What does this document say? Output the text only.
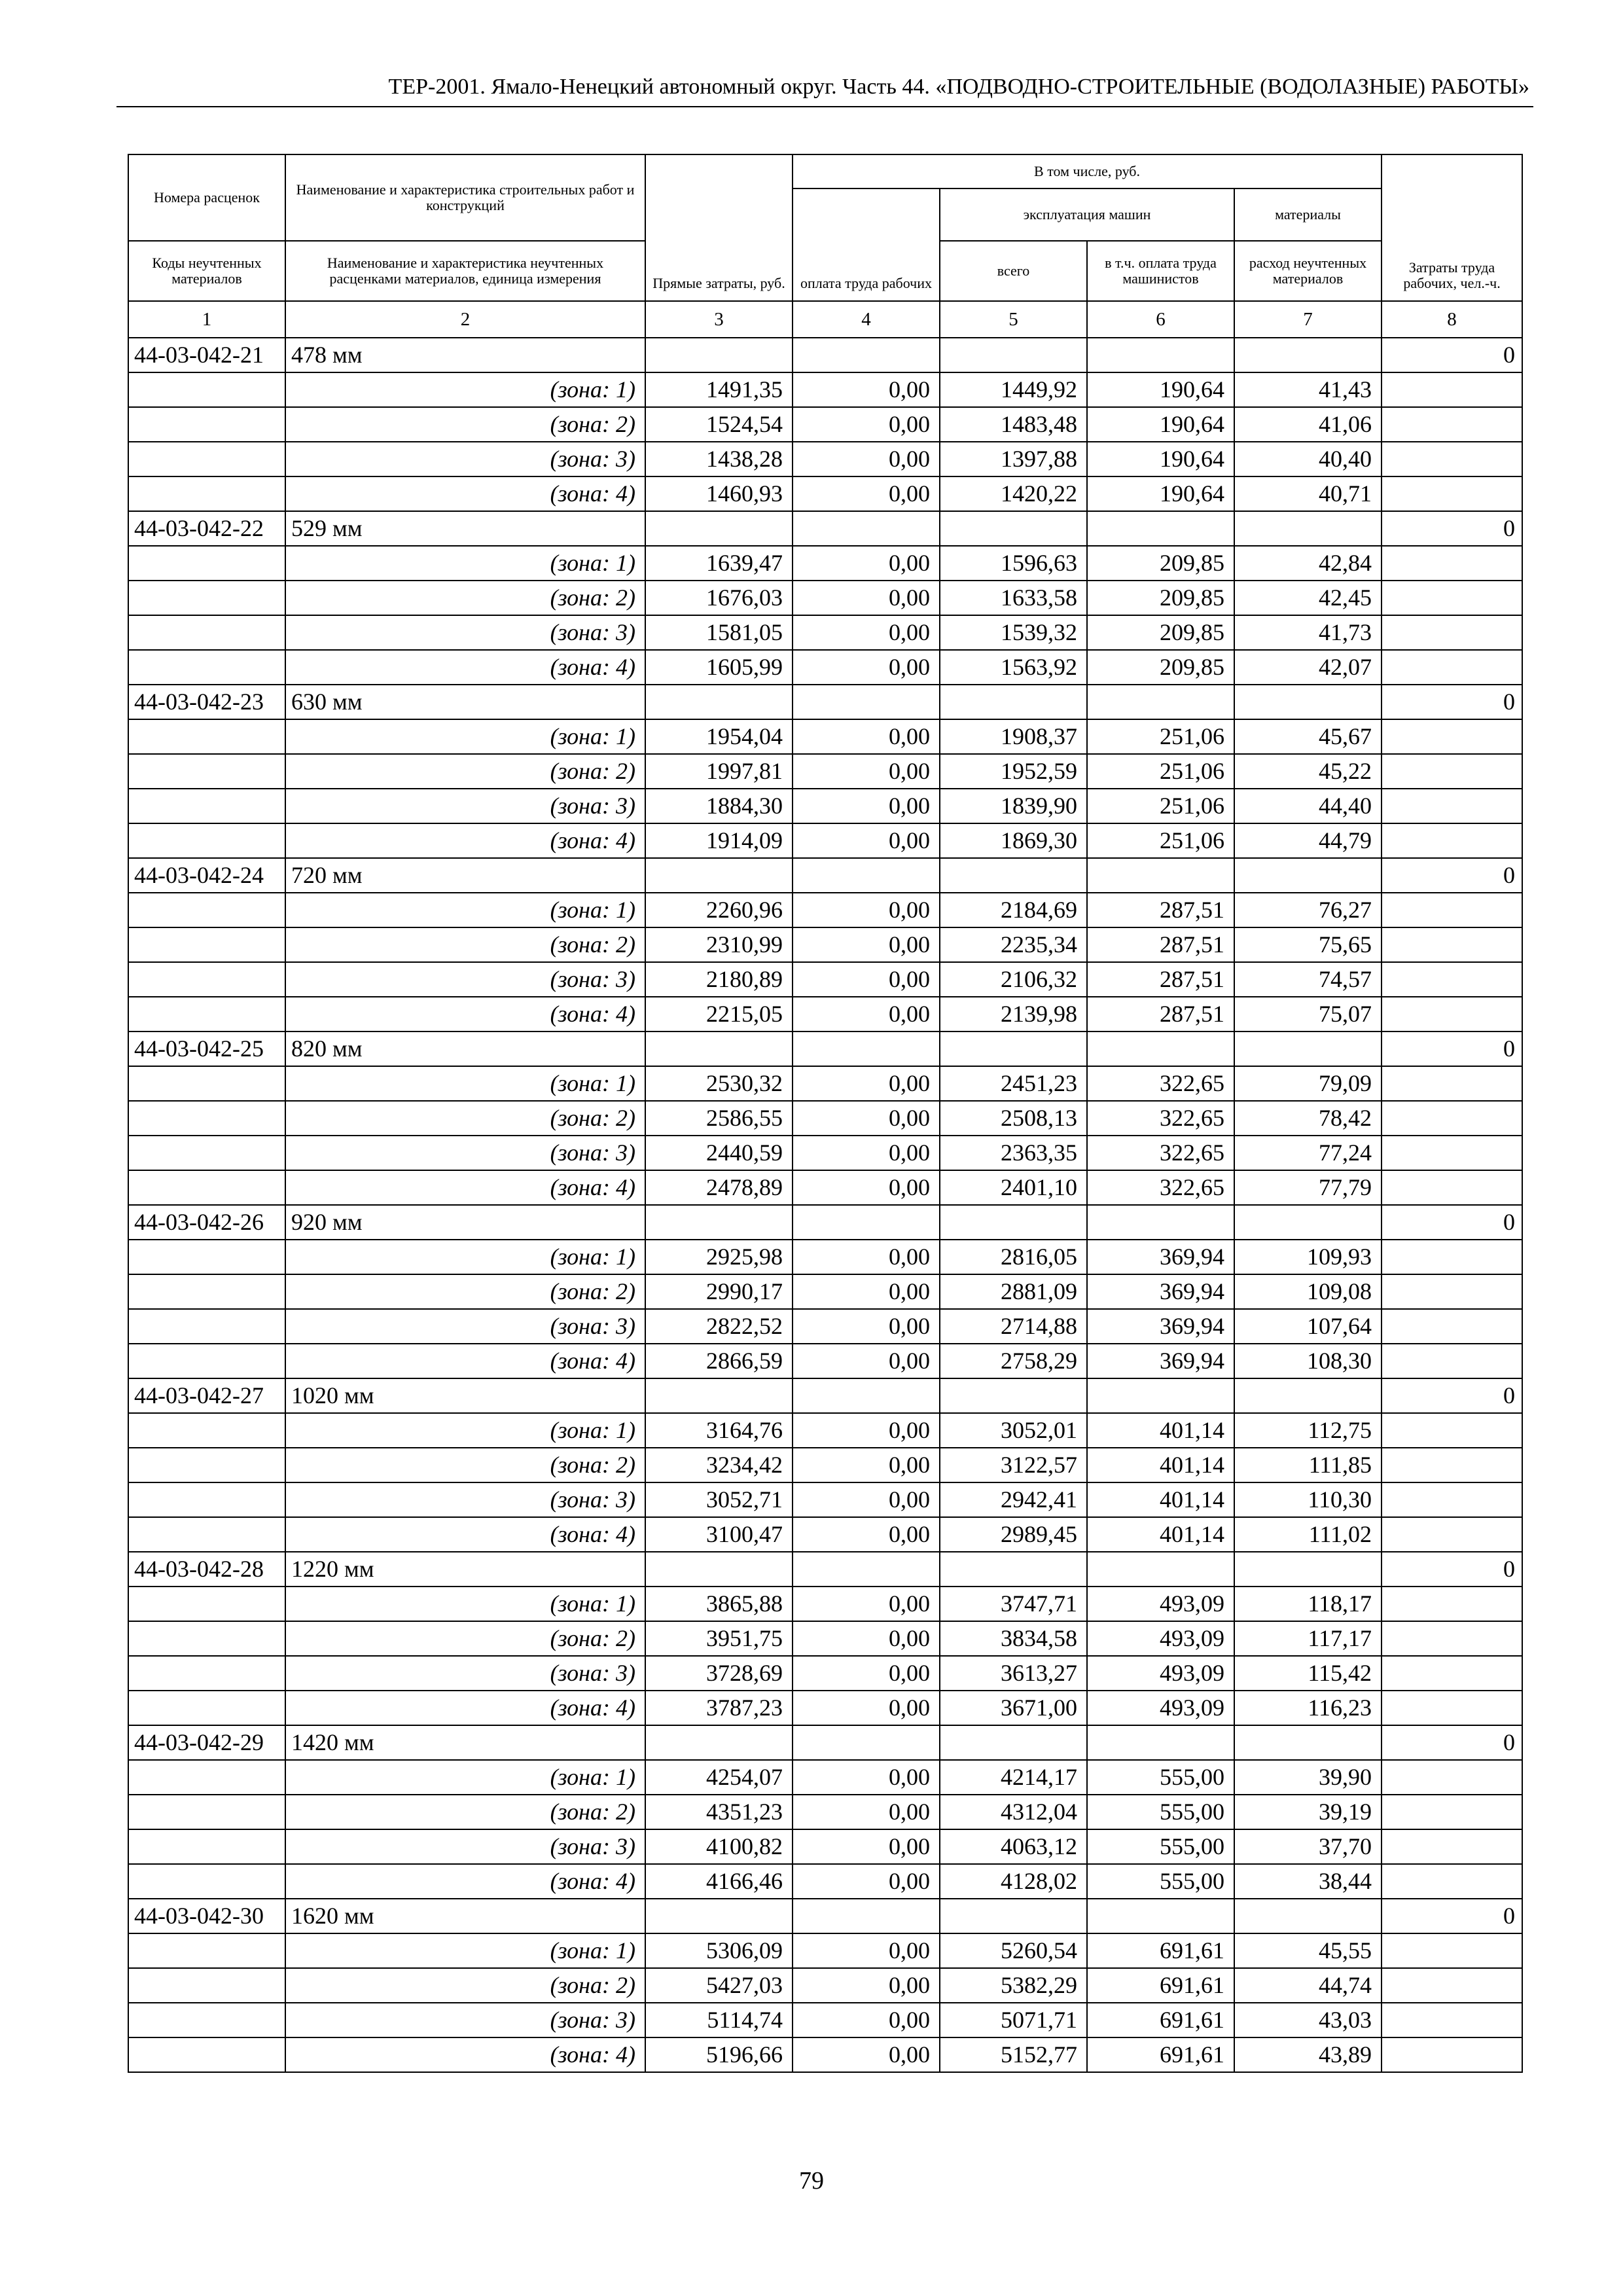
ТЕР-2001. Ямало-Ненецкий автономный округ. Часть 44. «ПОДВОДНО-СТРОИТЕЛЬНЫЕ (ВОДОЛАЗНЫЕ) РАБОТЫ»
Номера расценок	Наименование и характеристика строительных работ и конструкций	Прямые затраты, руб.	В том числе, руб.				Затраты труда рабочих, чел.-ч.
			оплата труда рабочих	эксплуатация машин		материалы	
Коды неучтенных материалов	Наименование и характеристика неучтенных расценками материалов, единица измерения			всего	в т.ч. оплата труда машинистов	расход неучтенных материалов	
1	2	3	4	5	6	7	8
44-03-042-21	478 мм						0
	(зона: 1)	1491,35	0,00	1449,92	190,64	41,43	
	(зона: 2)	1524,54	0,00	1483,48	190,64	41,06	
	(зона: 3)	1438,28	0,00	1397,88	190,64	40,40	
	(зона: 4)	1460,93	0,00	1420,22	190,64	40,71	
44-03-042-22	529 мм						0
	(зона: 1)	1639,47	0,00	1596,63	209,85	42,84	
	(зона: 2)	1676,03	0,00	1633,58	209,85	42,45	
	(зона: 3)	1581,05	0,00	1539,32	209,85	41,73	
	(зона: 4)	1605,99	0,00	1563,92	209,85	42,07	
44-03-042-23	630 мм						0
	(зона: 1)	1954,04	0,00	1908,37	251,06	45,67	
	(зона: 2)	1997,81	0,00	1952,59	251,06	45,22	
	(зона: 3)	1884,30	0,00	1839,90	251,06	44,40	
	(зона: 4)	1914,09	0,00	1869,30	251,06	44,79	
44-03-042-24	720 мм						0
	(зона: 1)	2260,96	0,00	2184,69	287,51	76,27	
	(зона: 2)	2310,99	0,00	2235,34	287,51	75,65	
	(зона: 3)	2180,89	0,00	2106,32	287,51	74,57	
	(зона: 4)	2215,05	0,00	2139,98	287,51	75,07	
44-03-042-25	820 мм						0
	(зона: 1)	2530,32	0,00	2451,23	322,65	79,09	
	(зона: 2)	2586,55	0,00	2508,13	322,65	78,42	
	(зона: 3)	2440,59	0,00	2363,35	322,65	77,24	
	(зона: 4)	2478,89	0,00	2401,10	322,65	77,79	
44-03-042-26	920 мм						0
	(зона: 1)	2925,98	0,00	2816,05	369,94	109,93	
	(зона: 2)	2990,17	0,00	2881,09	369,94	109,08	
	(зона: 3)	2822,52	0,00	2714,88	369,94	107,64	
	(зона: 4)	2866,59	0,00	2758,29	369,94	108,30	
44-03-042-27	1020 мм						0
	(зона: 1)	3164,76	0,00	3052,01	401,14	112,75	
	(зона: 2)	3234,42	0,00	3122,57	401,14	111,85	
	(зона: 3)	3052,71	0,00	2942,41	401,14	110,30	
	(зона: 4)	3100,47	0,00	2989,45	401,14	111,02	
44-03-042-28	1220 мм						0
	(зона: 1)	3865,88	0,00	3747,71	493,09	118,17	
	(зона: 2)	3951,75	0,00	3834,58	493,09	117,17	
	(зона: 3)	3728,69	0,00	3613,27	493,09	115,42	
	(зона: 4)	3787,23	0,00	3671,00	493,09	116,23	
44-03-042-29	1420 мм						0
	(зона: 1)	4254,07	0,00	4214,17	555,00	39,90	
	(зона: 2)	4351,23	0,00	4312,04	555,00	39,19	
	(зона: 3)	4100,82	0,00	4063,12	555,00	37,70	
	(зона: 4)	4166,46	0,00	4128,02	555,00	38,44	
44-03-042-30	1620 мм						0
	(зона: 1)	5306,09	0,00	5260,54	691,61	45,55	
	(зона: 2)	5427,03	0,00	5382,29	691,61	44,74	
	(зона: 3)	5114,74	0,00	5071,71	691,61	43,03	
	(зона: 4)	5196,66	0,00	5152,77	691,61	43,89	
79
